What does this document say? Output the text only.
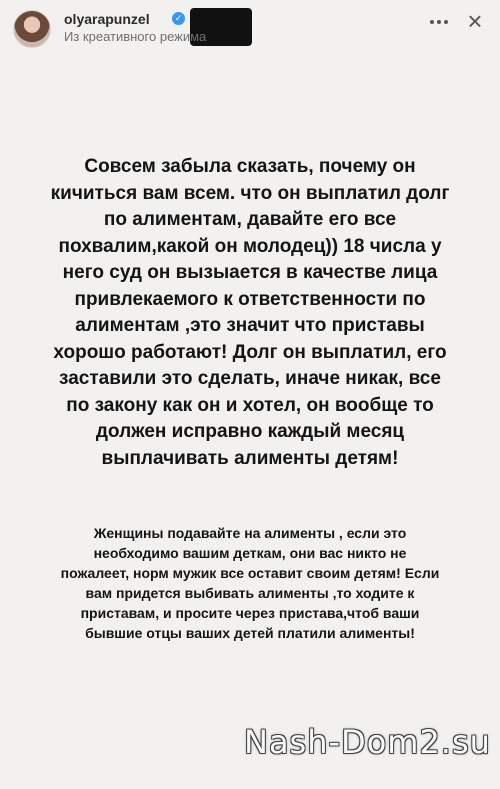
olyarapunzel	✓
Из креативного режима
×
Совсем забыла сказать, почему он кичиться вам всем. что он выплатил долг по алиментам, давайте его все похвалим,какой он молодец)) 18 числа у него суд он вызыается в качестве лица привлекаемого к ответственности по алиментам ,это значит что приставы хорошо работают! Долг он выплатил, его заставили это сделать, иначе никак, все по закону как он и хотел, он вообще то должен исправно каждый месяц выплачивать алименты детям!
Женщины подавайте на алименты , если это необходимо вашим деткам, они вас никто не пожалеет, норм мужик все оставит своим детям! Если вам придется выбивать алименты ,то ходите к приставам, и просите через пристава,чтоб ваши бывшие отцы ваших детей платили алименты!
Nash-Dom2.su
